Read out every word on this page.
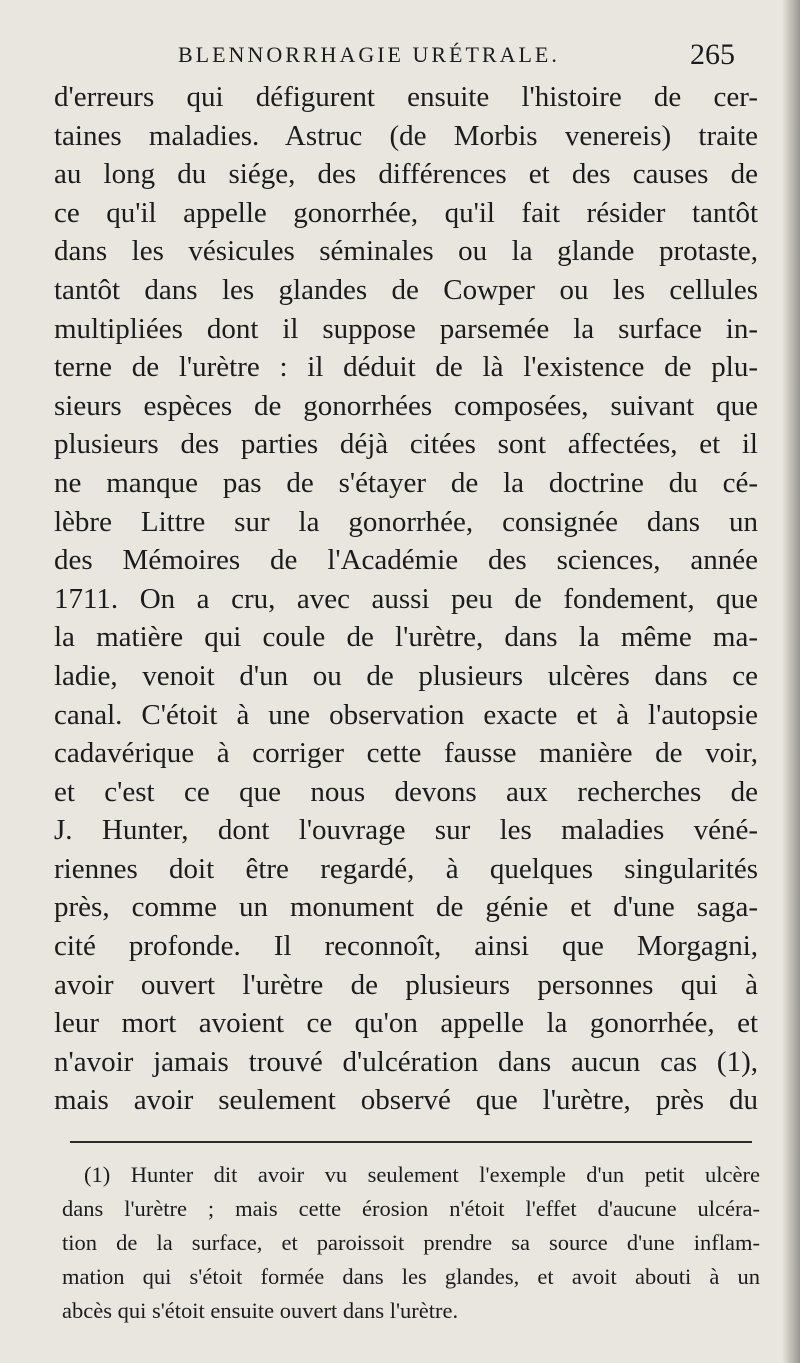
BLENNORRHAGIE URÉTRALE.	265
d'erreurs qui défigurent ensuite l'histoire de cer-
taines maladies. Astruc (de Morbis venereis) traite
au long du siége, des différences et des causes de
ce qu'il appelle gonorrhée, qu'il fait résider tantôt
dans les vésicules séminales ou la glande protaste,
tantôt dans les glandes de Cowper ou les cellules
multipliées dont il suppose parsemée la surface in-
terne de l'urètre : il déduit de là l'existence de plu-
sieurs espèces de gonorrhées composées, suivant que
plusieurs des parties déjà citées sont affectées, et il
ne manque pas de s'étayer de la doctrine du cé-
lèbre Littre sur la gonorrhée, consignée dans un
des Mémoires de l'Académie des sciences, année
1711. On a cru, avec aussi peu de fondement, que
la matière qui coule de l'urètre, dans la même ma-
ladie, venoit d'un ou de plusieurs ulcères dans ce
canal. C'étoit à une observation exacte et à l'autopsie
cadavérique à corriger cette fausse manière de voir,
et c'est ce que nous devons aux recherches de
J. Hunter, dont l'ouvrage sur les maladies véné-
riennes doit être regardé, à quelques singularités
près, comme un monument de génie et d'une saga-
cité profonde. Il reconnoît, ainsi que Morgagni,
avoir ouvert l'urètre de plusieurs personnes qui à
leur mort avoient ce qu'on appelle la gonorrhée, et
n'avoir jamais trouvé d'ulcération dans aucun cas (1),
mais avoir seulement observé que l'urètre, près du
(1) Hunter dit avoir vu seulement l'exemple d'un petit ulcère
dans l'urètre ; mais cette érosion n'étoit l'effet d'aucune ulcéra-
tion de la surface, et paroissoit prendre sa source d'une inflam-
mation qui s'étoit formée dans les glandes, et avoit abouti à un
abcès qui s'étoit ensuite ouvert dans l'urètre.
